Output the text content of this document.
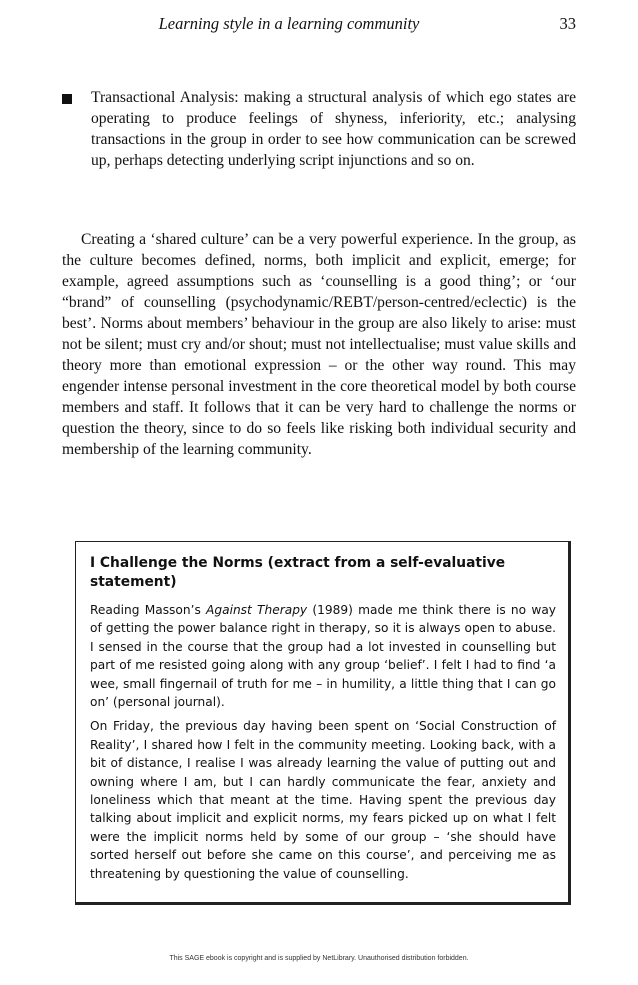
Learning style in a learning community	33
Transactional Analysis: making a structural analysis of which ego states are operating to produce feelings of shyness, inferiority, etc.; analysing transactions in the group in order to see how communication can be screwed up, perhaps detecting underlying script injunctions and so on.

Creating a ‘shared culture’ can be a very powerful experience. In the group, as the culture becomes defined, norms, both implicit and explicit, emerge; for example, agreed assumptions such as ‘counselling is a good thing’; or ‘our “brand” of counselling (psychodynamic/REBT/person-centred/eclectic) is the best’. Norms about members’ behaviour in the group are also likely to arise: must not be silent; must cry and/or shout; must not intellectualise; must value skills and theory more than emotional expression – or the other way round. This may engender intense personal investment in the core theoretical model by both course members and staff. It follows that it can be very hard to challenge the norms or question the theory, since to do so feels like risking both individual security and membership of the learning community.

I Challenge the Norms (extract from a self-evaluative statement)

Reading Masson’s Against Therapy (1989) made me think there is no way of getting the power balance right in therapy, so it is always open to abuse. I sensed in the course that the group had a lot invested in counselling but part of me resisted going along with any group ‘belief’. I felt I had to find ‘a wee, small fingernail of truth for me – in humility, a little thing that I can go on’ (personal journal).

On Friday, the previous day having been spent on ‘Social Construction of Reality’, I shared how I felt in the community meeting. Looking back, with a bit of distance, I realise I was already learning the value of putting out and owning where I am, but I can hardly communicate the fear, anxiety and loneliness which that meant at the time. Having spent the previous day talking about implicit and explicit norms, my fears picked up on what I felt were the implicit norms held by some of our group – ‘she should have sorted herself out before she came on this course’, and perceiving me as threatening by questioning the value of counselling.

This SAGE ebook is copyright and is supplied by NetLibrary. Unauthorised distribution forbidden.
